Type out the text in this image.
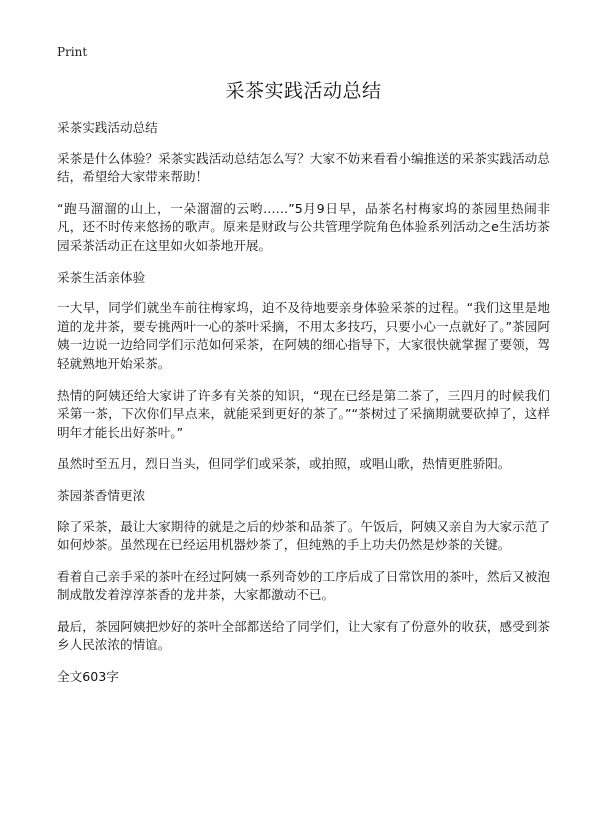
Print
采茶实践活动总结
采茶实践活动总结
采茶是什么体验？采茶实践活动总结怎么写？大家不妨来看看小编推送的采茶实践活动总结，希望给大家带来帮助！
“跑马溜溜的山上，一朵溜溜的云哟……”5月9日早，品茶名村梅家坞的茶园里热闹非凡，还不时传来悠扬的歌声。原来是财政与公共管理学院角色体验系列活动之e生活坊茶园采茶活动正在这里如火如荼地开展。
采茶生活亲体验
一大早，同学们就坐车前往梅家坞，迫不及待地要亲身体验采茶的过程。“我们这里是地道的龙井茶，要专挑两叶一心的茶叶采摘，不用太多技巧，只要小心一点就好了。”茶园阿姨一边说一边给同学们示范如何采茶，在阿姨的细心指导下，大家很快就掌握了要领，驾轻就熟地开始采茶。
热情的阿姨还给大家讲了许多有关茶的知识，“现在已经是第二茶了，三四月的时候我们采第一茶，下次你们早点来，就能采到更好的茶了。”“茶树过了采摘期就要砍掉了，这样明年才能长出好茶叶。”
虽然时至五月，烈日当头，但同学们或采茶，或拍照，或唱山歌，热情更胜骄阳。
茶园茶香情更浓
除了采茶，最让大家期待的就是之后的炒茶和品茶了。午饭后，阿姨又亲自为大家示范了如何炒茶。虽然现在已经运用机器炒茶了，但纯熟的手上功夫仍然是炒茶的关键。
看着自己亲手采的茶叶在经过阿姨一系列奇妙的工序后成了日常饮用的茶叶，然后又被泡制成散发着淳淳茶香的龙井茶，大家都激动不已。
最后，茶园阿姨把炒好的茶叶全部都送给了同学们，让大家有了份意外的收获，感受到茶乡人民浓浓的情谊。
全文603字
